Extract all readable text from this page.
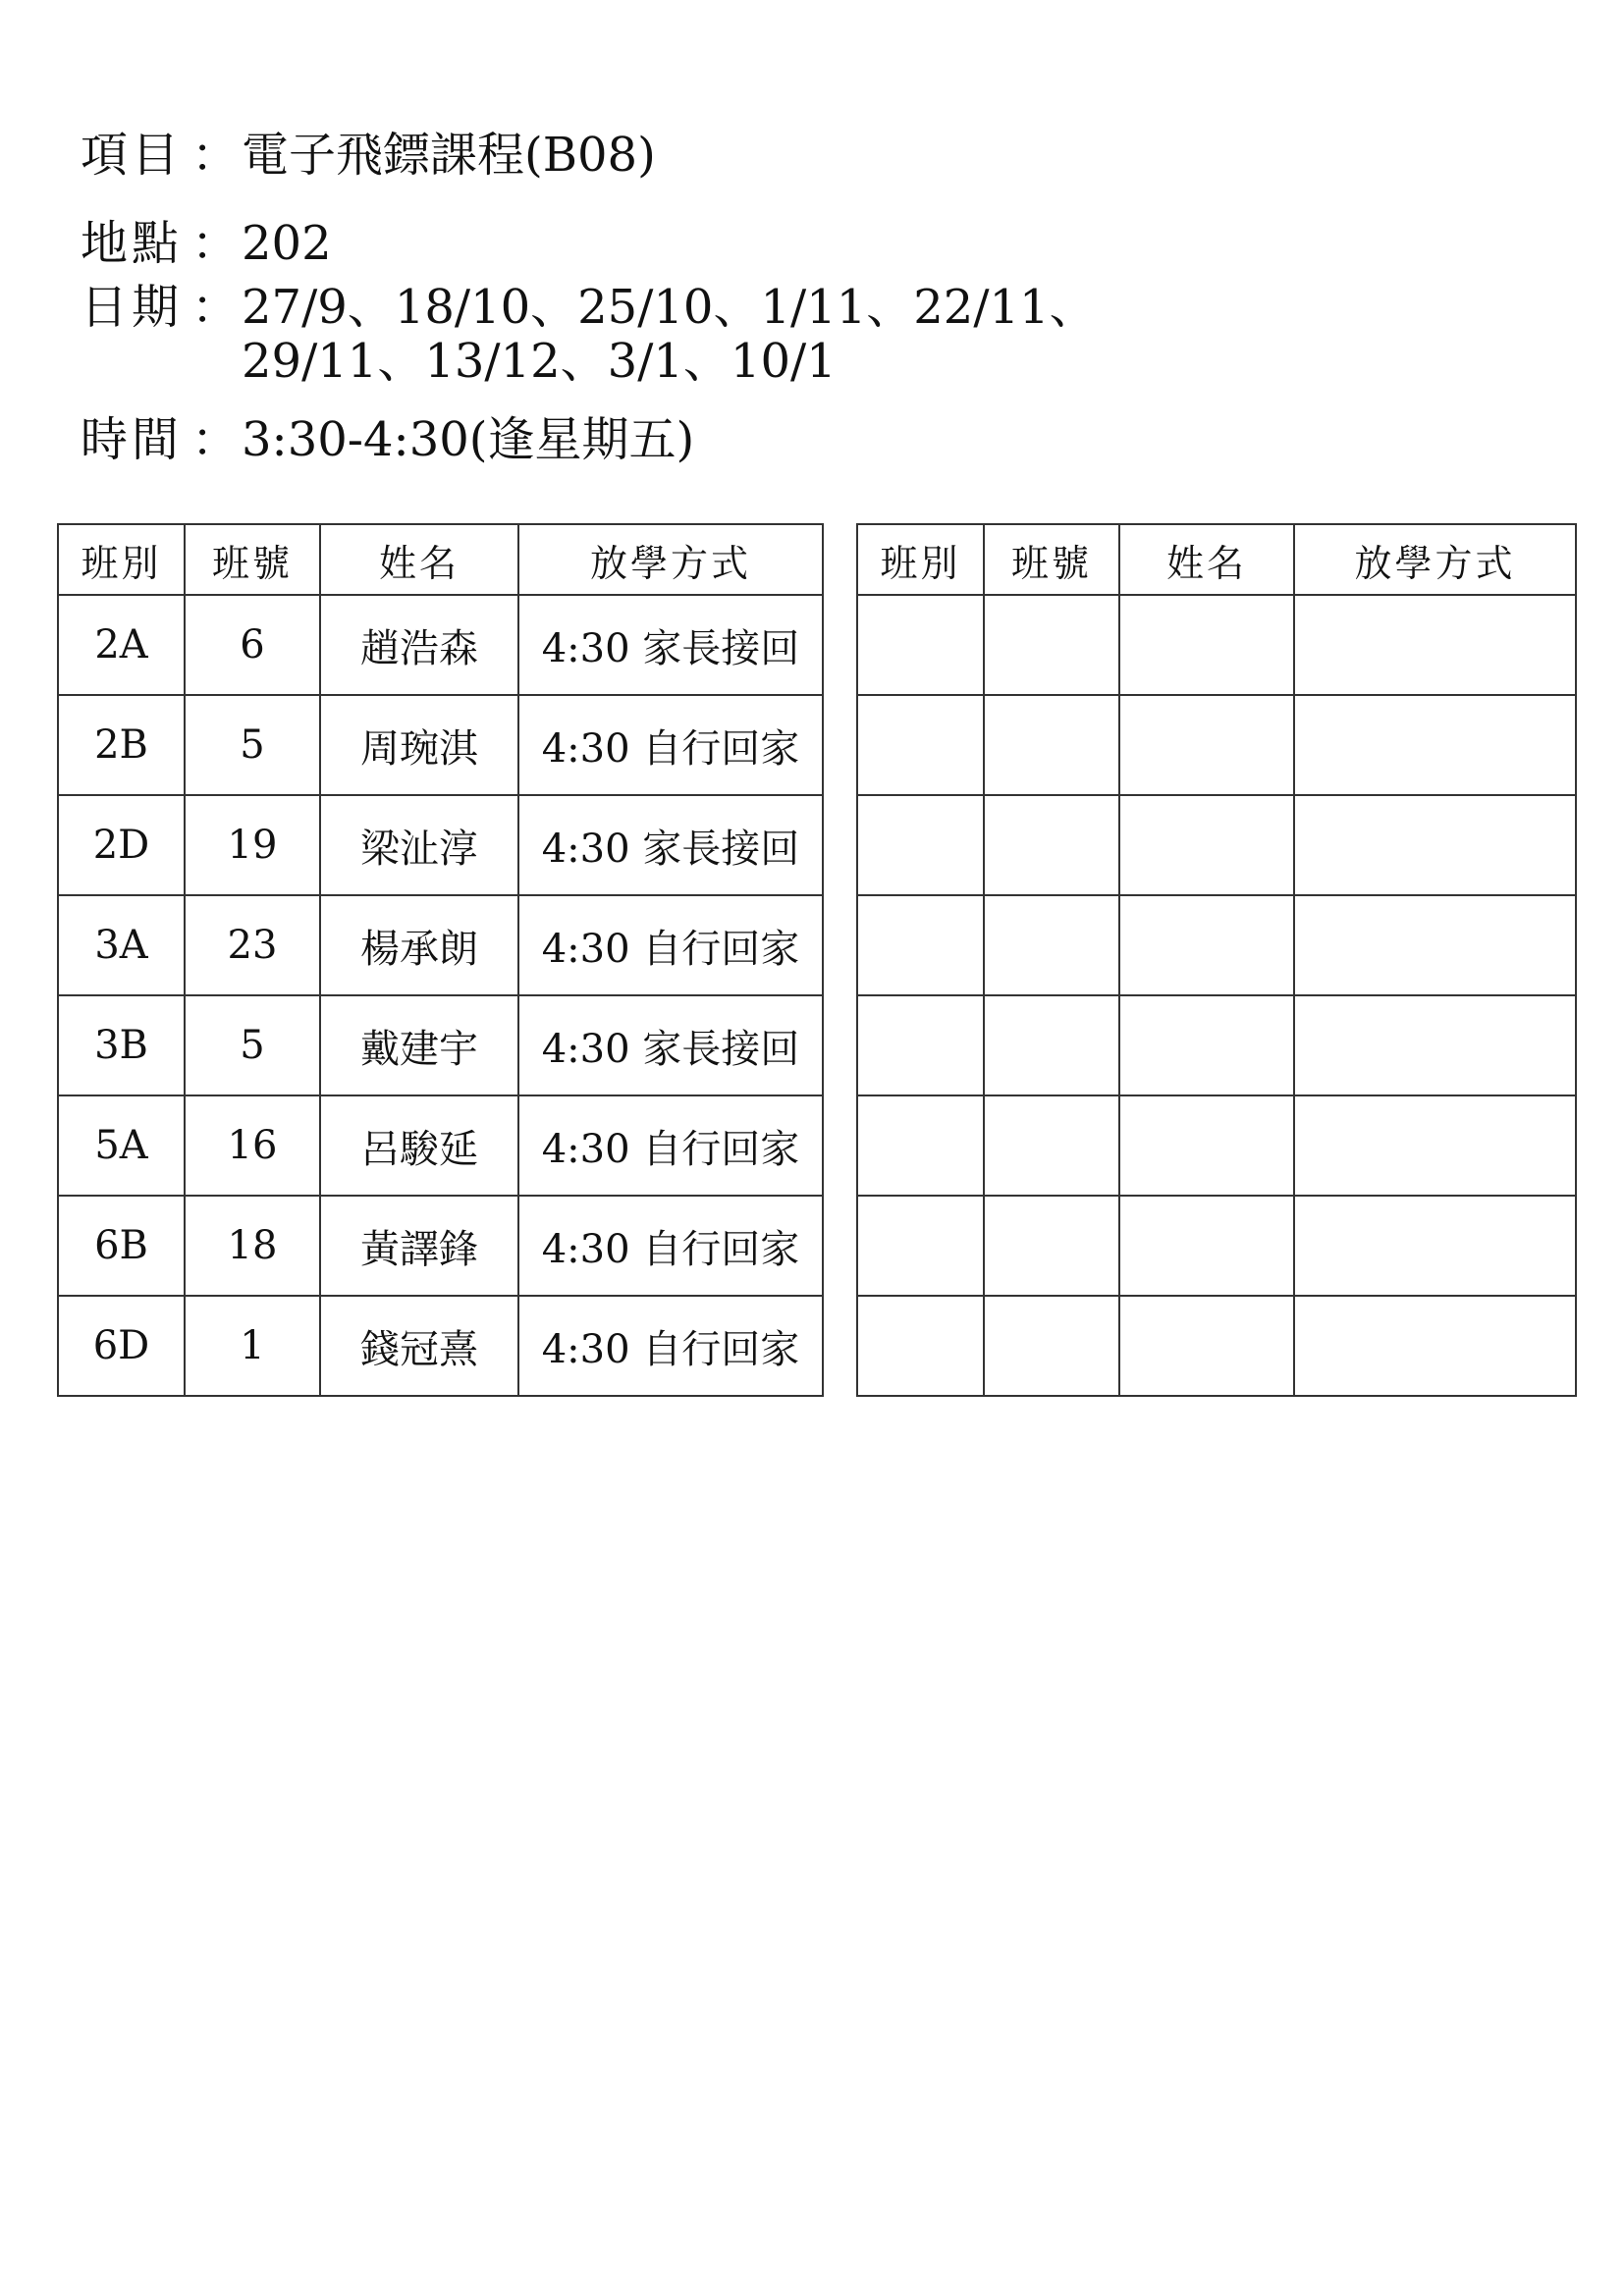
項目 ： 電子飛鏢課程(B08)
地點 ： 202
日期 ： 27/9、18/10、25/10、1/11、22/11、
29/11、13/12、3/1、10/1
時間 ： 3:30-4:30(逢星期五)
班別	班號	姓名	放學方式
2A	6	趙浩森	4:30 家長接回
2B	5	周琬淇	4:30 自行回家
2D	19	梁沚淳	4:30 家長接回
3A	23	楊承朗	4:30 自行回家
3B	5	戴建宇	4:30 家長接回
5A	16	呂駿延	4:30 自行回家
6B	18	黃譯鋒	4:30 自行回家
6D	1	錢冠熹	4:30 自行回家
班別	班號	姓名	放學方式
